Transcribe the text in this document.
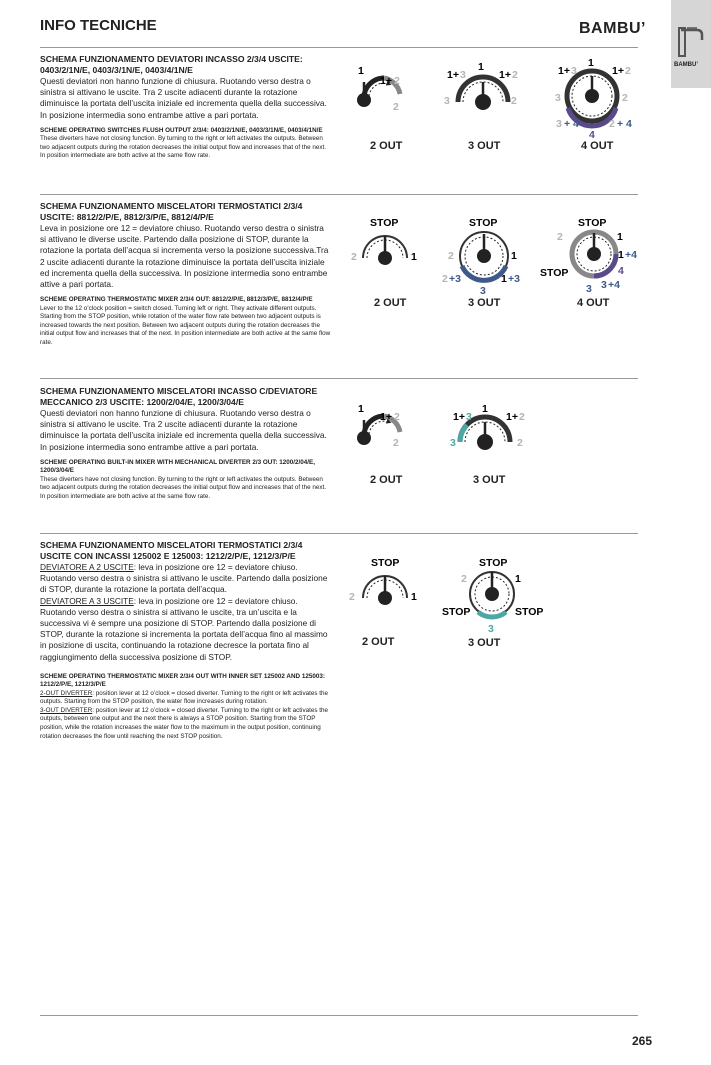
INFO TECNICHE	BAMBU’
BAMBU’

SCHEMA FUNZIONAMENTO DEVIATORI INCASSO 2/3/4 USCITE: 0403/2/1N/E, 0403/3/1N/E, 0403/4/1N/E

Questi deviatori non hanno funzione di chiusura. Ruotando verso destra o sinistra si attivano le uscite. Tra 2 uscite adiacenti durante la rotazione diminuisce la portata dell’uscita iniziale ed incrementa quella della successiva. In posizione intermedia sono entrambe attive a pari portata.

SCHEME OPERATING SWITCHES FLUSH OUTPUT 2/3/4: 0403/2/1N/E, 0403/3/1N/E, 0403/4/1N/E

These diverters have not closing function. By turning to the right or left activates the outputs. Between two adjacent outputs during the rotation decreases the initial output flow and increases that of the next. In position intermediate are both active at the same flow rate.

SCHEMA FUNZIONAMENTO MISCELATORI TERMOSTATICI 2/3/4 USCITE: 8812/2/P/E, 8812/3/P/E, 8812/4/P/E

Leva in posizione ore 12 = deviatore chiuso. Ruotando verso destra o sinistra si attivano le diverse uscite. Partendo dalla posizione di STOP, durante la rotazione la portata dell’acqua si incrementa verso la posizione successiva.Tra 2 uscite adiacenti durante la rotazione diminuisce la portata dell’uscita iniziale ed incrementa quella della successiva. In posizione intermedia sono entrambe attive a pari portata.

SCHEME OPERATING THERMOSTATIC MIXER 2/3/4 OUT: 8812/2/P/E, 8812/3/P/E, 8812/4/P/E

Lever to the 12 o’clock position = switch closed. Turning left or right. They activate different outputs. Starting from the STOP position, while rotation of the water flow rate between two adjacent outputs is increased towards the next position. Between two adjacent outputs during the rotation decreases the initial output flow and increases that of the next. In position intermediate are both active at the same flow rate.

SCHEMA FUNZIONAMENTO MISCELATORI INCASSO C/DEVIATORE MECCANICO 2/3 USCITE: 1200/2/04/E, 1200/3/04/E

Questi deviatori non hanno funzione di chiusura. Ruotando verso destra o sinistra si attivano le uscite. Tra 2 uscite adiacenti durante la rotazione diminuisce la portata dell’uscita iniziale ed incrementa quella della successiva. In posizione intermedia sono entrambe attive a pari portata.

SCHEME OPERATING BUILT-IN MIXER WITH MECHANICAL DIVERTER 2/3 OUT: 1200/2/04/E, 1200/3/04/E

These diverters have not closing function. By turning to the right or left activates the outputs. Between two adjacent outputs during the rotation decreases the initial output flow and increases that of the next. In position intermediate are both active at the same flow rate.

SCHEMA FUNZIONAMENTO MISCELATORI TERMOSTATICI 2/3/4 USCITE CON INCASSI 125002 E 125003: 1212/2/P/E, 1212/3/P/E

DEVIATORE A 2 USCITE: leva in posizione ore 12 = deviatore chiuso. Ruotando verso destra o sinistra si attivano le uscite. Partendo dalla posizione di STOP, durante la rotazione la portata dell’acqua.
DEVIATORE A 3 USCITE: leva in posizione ore 12 = deviatore chiuso. Ruotando verso destra o sinistra si attivano le uscite, tra un’uscita e la successiva vi è sempre una posizione di STOP. Partendo dalla posizione di STOP, durante la rotazione si incrementa la portata dell’acqua fino al massimo in posizione di uscita, continuando la rotazione decresce la portata fino al raggiungimento della successiva posizione di STOP.

SCHEME OPERATING THERMOSTATIC MIXER 2/3/4 OUT WITH INNER SET 125002 AND 125003: 1212/2/P/E, 1212/3/P/E

2-OUT DIVERTER: position lever at 12 o’clock = closed diverter. Turning to the right or left activates the outputs. Starting from the STOP position, the water flow increases during rotation.
3-OUT DIVERTER: position lever at 12 o’clock = closed diverter. Turning to the right or left activates the outputs, between one output and the next there is always a STOP position. Starting from the STOP position, while the rotation increases the water flow to the maximum in the output position, continuing rotation decreases the flow until reaching the next STOP position.

1
1+ 2
2
2 OUT
1
1+ 3	1+ 2
3	2
3 OUT
1
1+ 3	1+ 2
3	2
3 + 4	2 + 4
4
4 OUT
STOP
2	1
2 OUT
STOP
2	1
2 +3	1 +3
3
3 OUT
STOP
2	1
1 +4
4
STOP
3 +4
3
4 OUT
1
1+ 2
2
2 OUT
1
1+ 3	1+ 2
3	2
3 OUT
STOP
2	1
2 OUT
STOP
2	1
STOP	STOP
3
3 OUT
265
